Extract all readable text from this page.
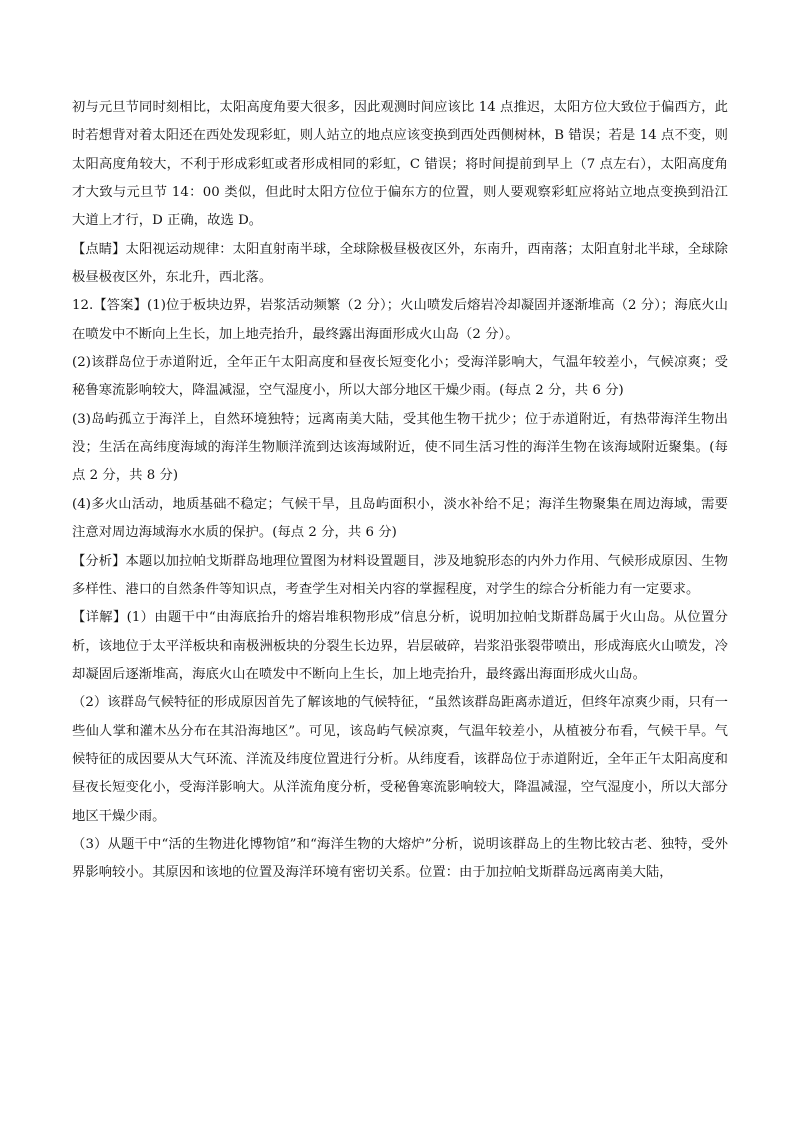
初与元旦节同时刻相比，太阳高度角要大很多，因此观测时间应该比 14 点推迟，太阳方位大致位于偏西方，此时若想背对着太阳还在西处发现彩虹，则人站立的地点应该变换到西处西侧树林，B 错误；若是 14 点不变，则太阳高度角较大，不利于形成彩虹或者形成相同的彩虹，C 错误；将时间提前到早上（7 点左右），太阳高度角才大致与元旦节 14：00 类似，但此时太阳方位位于偏东方的位置，则人要观察彩虹应将站立地点变换到沿江大道上才行，D 正确，故选 D。

【点睛】太阳视运动规律：太阳直射南半球，全球除极昼极夜区外，东南升，西南落；太阳直射北半球，全球除极昼极夜区外，东北升，西北落。

12.【答案】(1)位于板块边界，岩浆活动频繁（2 分）；火山喷发后熔岩冷却凝固并逐渐堆高（2 分）；海底火山在喷发中不断向上生长，加上地壳抬升，最终露出海面形成火山岛（2 分）。

(2)该群岛位于赤道附近，全年正午太阳高度和昼夜长短变化小；受海洋影响大，气温年较差小，气候凉爽；受秘鲁寒流影响较大，降温减湿，空气湿度小，所以大部分地区干燥少雨。(每点 2 分，共 6 分)

(3)岛屿孤立于海洋上，自然环境独特；远离南美大陆，受其他生物干扰少；位于赤道附近，有热带海洋生物出没；生活在高纬度海域的海洋生物顺洋流到达该海域附近，使不同生活习性的海洋生物在该海域附近聚集。(每点 2 分，共 8 分)

(4)多火山活动，地质基础不稳定；气候干旱，且岛屿面积小，淡水补给不足；海洋生物聚集在周边海域，需要注意对周边海域海水水质的保护。(每点 2 分，共 6 分)

【分析】本题以加拉帕戈斯群岛地理位置图为材料设置题目，涉及地貌形态的内外力作用、气候形成原因、生物多样性、港口的自然条件等知识点，考查学生对相关内容的掌握程度，对学生的综合分析能力有一定要求。

【详解】(1）由题干中“由海底抬升的熔岩堆积物形成”信息分析，说明加拉帕戈斯群岛属于火山岛。从位置分析，该地位于太平洋板块和南极洲板块的分裂生长边界，岩层破碎，岩浆沿张裂带喷出，形成海底火山喷发，冷却凝固后逐渐堆高，海底火山在喷发中不断向上生长，加上地壳抬升，最终露出海面形成火山岛。

（2）该群岛气候特征的形成原因首先了解该地的气候特征，“虽然该群岛距离赤道近，但终年凉爽少雨，只有一些仙人掌和灌木丛分布在其沿海地区”。可见，该岛屿气候凉爽，气温年较差小，从植被分布看，气候干旱。气候特征的成因要从大气环流、洋流及纬度位置进行分析。从纬度看，该群岛位于赤道附近，全年正午太阳高度和昼夜长短变化小，受海洋影响大。从洋流角度分析，受秘鲁寒流影响较大，降温减湿，空气湿度小，所以大部分地区干燥少雨。

（3）从题干中“活的生物进化博物馆”和“海洋生物的大熔炉”分析，说明该群岛上的生物比较古老、独特，受外界影响较小。其原因和该地的位置及海洋环境有密切关系。位置：由于加拉帕戈斯群岛远离南美大陆，
